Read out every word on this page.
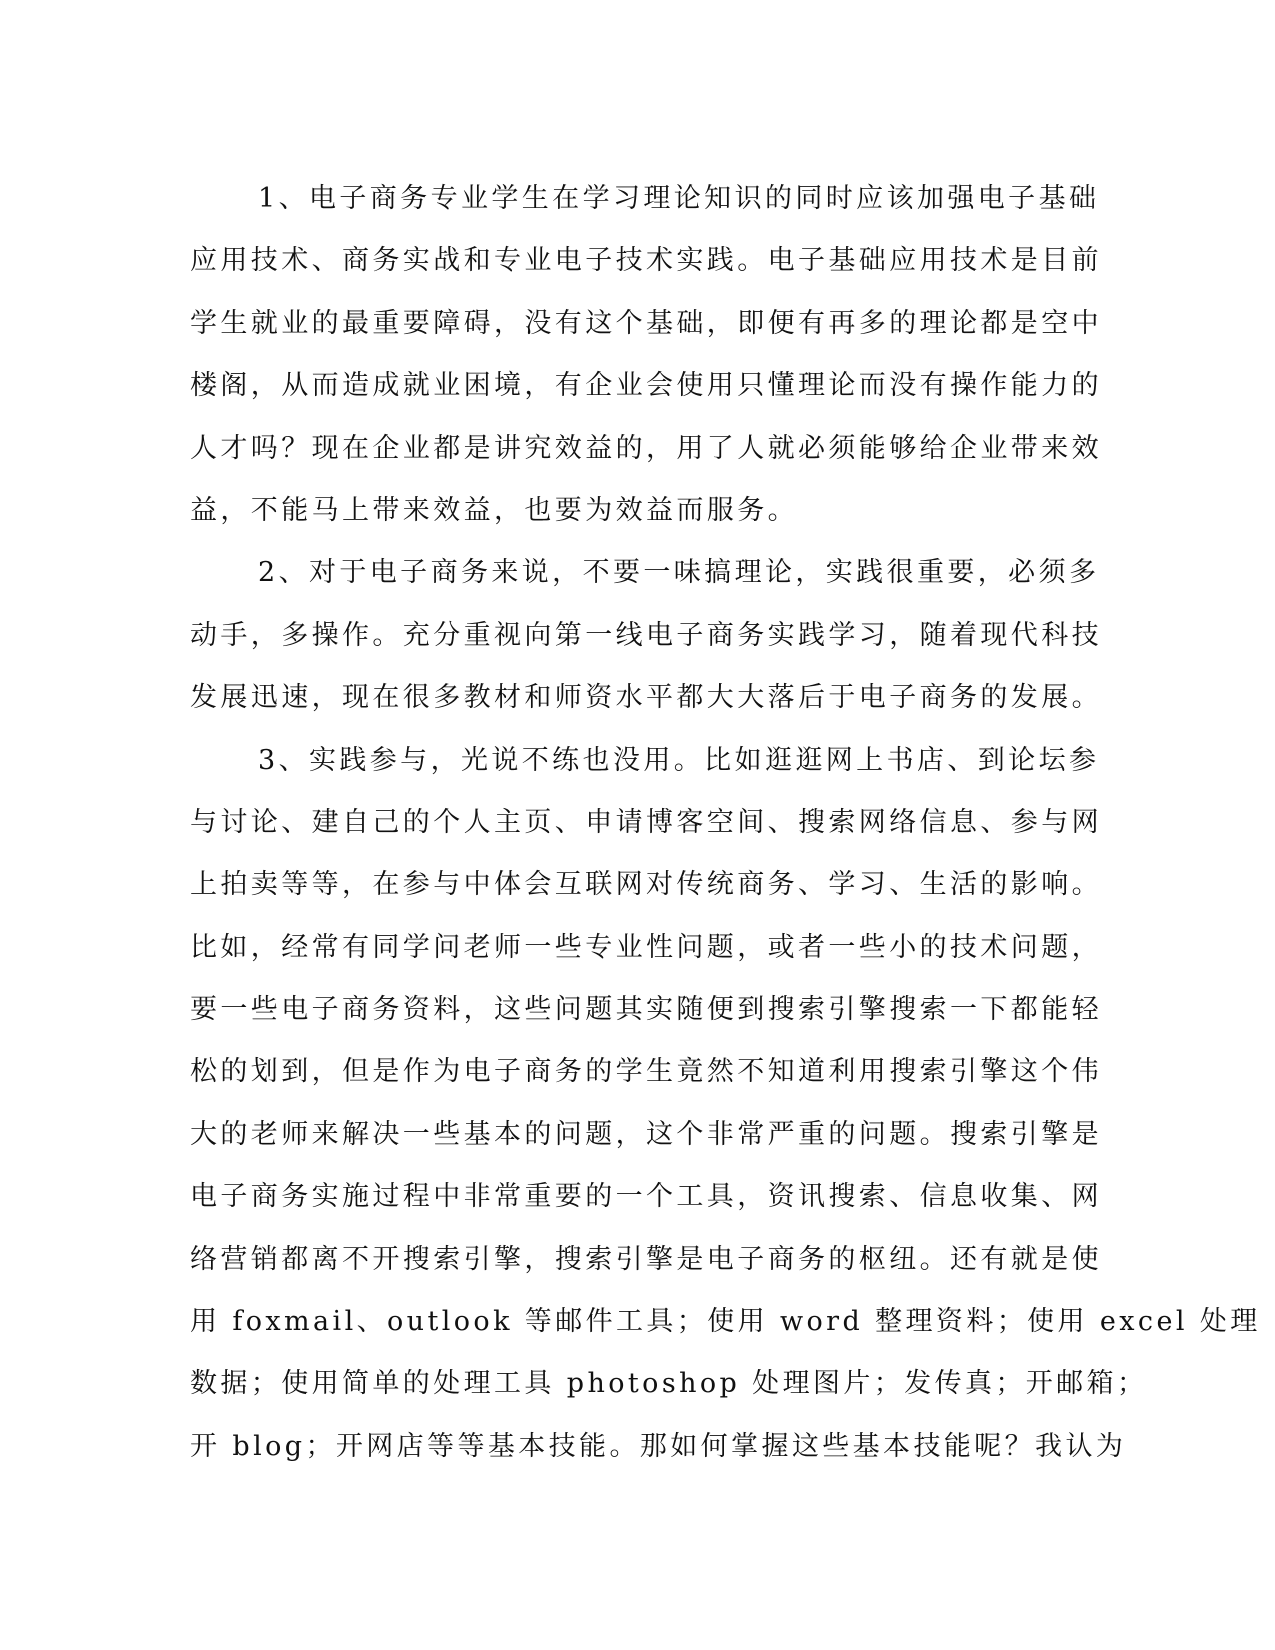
1、电子商务专业学生在学习理论知识的同时应该加强电子基础
应用技术、商务实战和专业电子技术实践。电子基础应用技术是目前
学生就业的最重要障碍，没有这个基础，即便有再多的理论都是空中
楼阁，从而造成就业困境，有企业会使用只懂理论而没有操作能力的
人才吗？现在企业都是讲究效益的，用了人就必须能够给企业带来效
益，不能马上带来效益，也要为效益而服务。
2、对于电子商务来说，不要一味搞理论，实践很重要，必须多
动手，多操作。充分重视向第一线电子商务实践学习，随着现代科技
发展迅速，现在很多教材和师资水平都大大落后于电子商务的发展。
3、实践参与，光说不练也没用。比如逛逛网上书店、到论坛参
与讨论、建自己的个人主页、申请博客空间、搜索网络信息、参与网
上拍卖等等，在参与中体会互联网对传统商务、学习、生活的影响。
比如，经常有同学问老师一些专业性问题，或者一些小的技术问题，
要一些电子商务资料，这些问题其实随便到搜索引擎搜索一下都能轻
松的划到，但是作为电子商务的学生竟然不知道利用搜索引擎这个伟
大的老师来解决一些基本的问题，这个非常严重的问题。搜索引擎是
电子商务实施过程中非常重要的一个工具，资讯搜索、信息收集、网
络营销都离不开搜索引擎，搜索引擎是电子商务的枢纽。还有就是使
用 foxmail、outlook 等邮件工具；使用 word 整理资料；使用 excel 处理
数据；使用简单的处理工具 photoshop 处理图片；发传真；开邮箱；
开 blog；开网店等等基本技能。那如何掌握这些基本技能呢？我认为
